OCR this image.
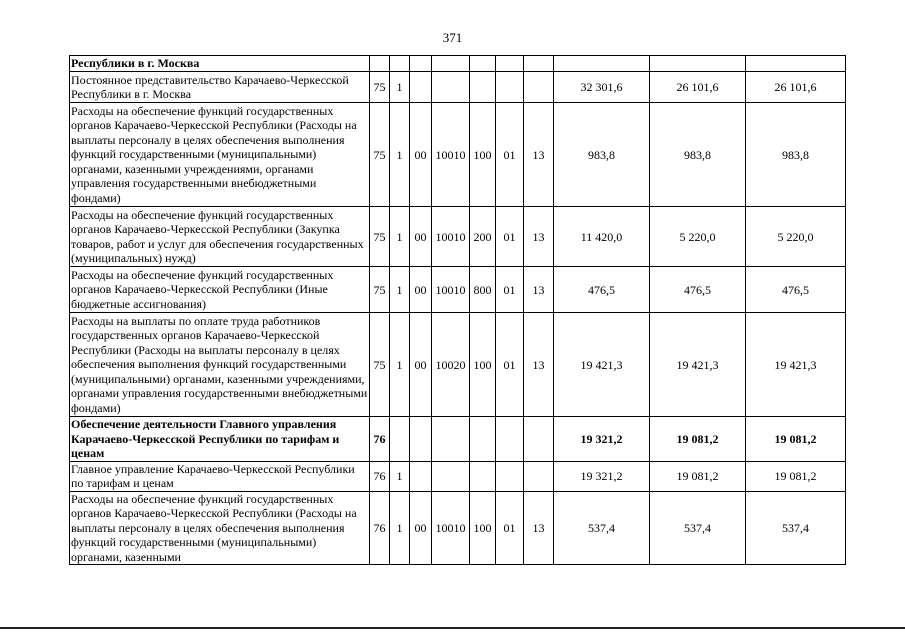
371
Республики в г. Москва										
Постоянное представительство Карачаево-Черкесской Республики в г. Москва	75	1						32 301,6	26 101,6	26 101,6
Расходы на обеспечение функций государственных органов Карачаево-Черкесской Республики (Расходы на выплаты персоналу в целях обеспечения выполнения функций государственными (муниципальными) органами, казенными учреждениями, органами управления государственными внебюджетными фондами)	75	1	00	10010	100	01	13	983,8	983,8	983,8
Расходы на обеспечение функций государственных органов Карачаево-Черкесской Республики (Закупка товаров, работ и услуг для обеспечения государственных (муниципальных) нужд)	75	1	00	10010	200	01	13	11 420,0	5 220,0	5 220,0
Расходы на обеспечение функций государственных органов Карачаево-Черкесской Республики (Иные бюджетные ассигнования)	75	1	00	10010	800	01	13	476,5	476,5	476,5
Расходы на выплаты по оплате труда работников государственных органов Карачаево-Черкесской Республики (Расходы на выплаты персоналу в целях обеспечения выполнения функций государственными (муниципальными) органами, казенными учреждениями, органами управления государственными внебюджетными фондами)	75	1	00	10020	100	01	13	19 421,3	19 421,3	19 421,3
Обеспечение деятельности Главного управления Карачаево-Черкесской Республики по тарифам и ценам	76							19 321,2	19 081,2	19 081,2
Главное управление Карачаево-Черкесской Республики по тарифам и ценам	76	1						19 321,2	19 081,2	19 081,2
Расходы на обеспечение функций государственных органов Карачаево-Черкесской Республики (Расходы на выплаты персоналу в целях обеспечения выполнения функций государственными (муниципальными) органами, казенными	76	1	00	10010	100	01	13	537,4	537,4	537,4
